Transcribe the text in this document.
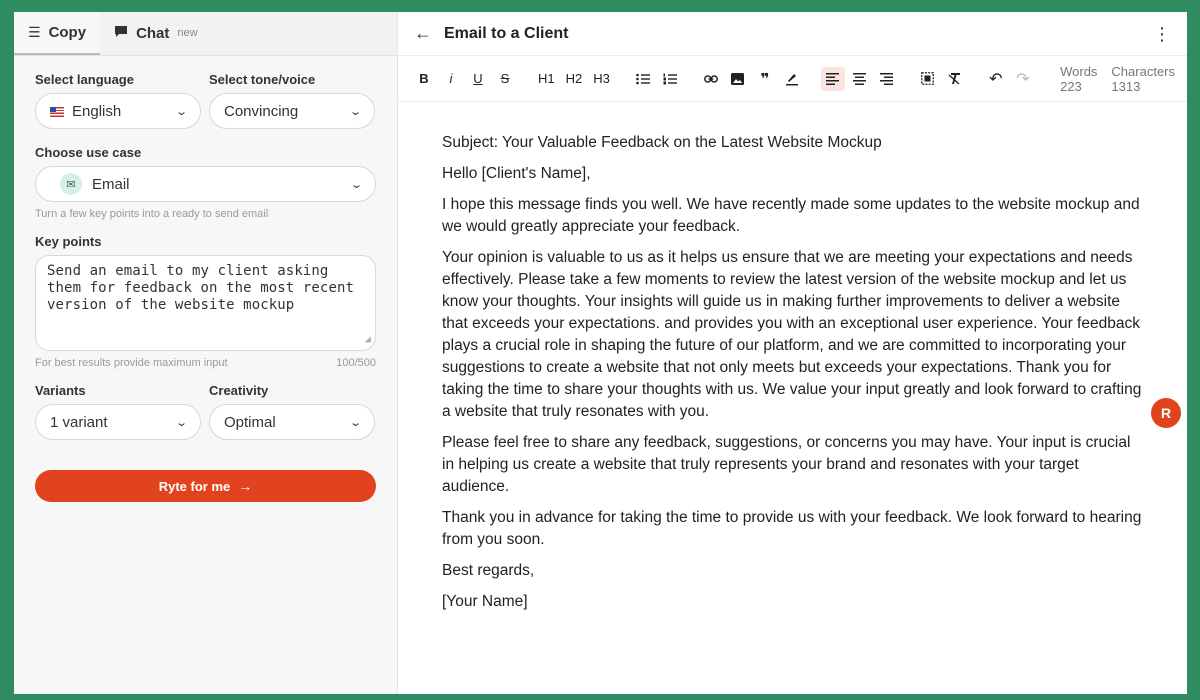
☰ Copy	Chat new
Select language
English	⌄
Select tone/voice
Convincing	⌄
Choose use case
✉	Email	⌄
Turn a few key points into a ready to send email
Key points
Send an email to my client asking them for feedback on the most recent version of the website mockup
◢
For best results provide maximum input	100/500
Variants
1 variant	⌄
Creativity
Optimal	⌄
Ryte for me →
← Email to a Client	⋮
B	i	U	S	H1 H2 H3	❞	↶ ↷	Words
223
Characters
1313

Subject: Your Valuable Feedback on the Latest Website Mockup

Hello [Client's Name],

I hope this message finds you well. We have recently made some updates to the website mockup and we would greatly appreciate your feedback.

Your opinion is valuable to us as it helps us ensure that we are meeting your expectations and needs effectively. Please take a few moments to review the latest version of the website mockup and let us know your thoughts. Your insights will guide us in making further improvements to deliver a website that exceeds your expectations. and provides you with an exceptional user experience. Your feedback plays a crucial role in shaping the future of our platform, and we are committed to incorporating your suggestions to create a website that not only meets but exceeds your expectations. Thank you for taking the time to share your thoughts with us. We value your input greatly and look forward to crafting a website that truly resonates with you.

Please feel free to share any feedback, suggestions, or concerns you may have. Your input is crucial in helping us create a website that truly represents your brand and resonates with your target audience.

Thank you in advance for taking the time to provide us with your feedback. We look forward to hearing from you soon.

Best regards,

[Your Name]

R
